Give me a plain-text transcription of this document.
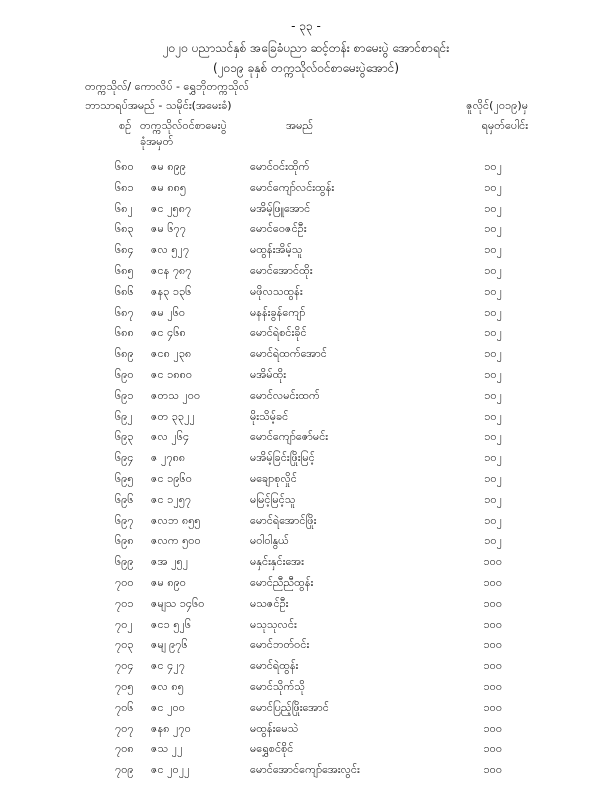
- ၃၃ -
၂၀၂၀ ပညာသင်နှစ် အခြေခံပညာ ဆင့်တန်း စာမေးပွဲ အောင်စာရင်း
(၂၀၁၉ ခုနှစ် တက္ကသိုလ်ဝင်စာမေးပွဲအောင်)
တက္ကသိုလ်/ ကောလိပ် - ရွှေဘိုတက္ကသိုလ်
ဘာသာရပ်အမည် - သမိုင်း(အမေးခံ)	ဇူလိုင်(၂၀၁၉)မှ
စဉ် တက္ကသိုလ်ဝင်စာမေးပွဲ
ခုံအမှတ်
အမည်	ရမှတ်ပေါင်း
၆၈၀ ဇမ ၈၉၉	မောင်ဝင်းထိုက်	၁၀၂
၆၈၁ ဇမ ၈၈၅	မောင်ကျော်လင်းထွန်း	၁၀၂
၆၈၂ ဇင ၂၅၈၇	မအိမ့်ဖြူအောင်	၁၀၂
၆၈၃ ဇမ ၆၇၇	မောင်ဝေဇင်ဦး	၁၀၂
၆၈၄ ဇလ ၅၂၇	မထွန်းအိမ့်သူ	၁၀၂
၆၈၅ ဇငန ၇၈၇	မောင်အောင်ထိုး	၁၀၂
၆၈၆ ဇန၃ ၁၃၆	မဖိုလသထွန်း	၁၀၂
၆၈၇ ဇမ ၂၆၀	မနန်းခွန်ကျော်	၁၀၂
၆၈၈ ဇင ၄၆၈	မောင်ရဲစင်းခိုင်	၁၀၂
၆၈၉ ဇင၈ ၂၃၈	မောင်ရဲထက်အောင်	၁၀၂
၆၉၀ ဇင ၁၈၈၀	မအိမ်ထိုး	၁၀၂
၆၉၁ ဇတသ ၂၀၀	မောင်လမင်းထက်	၁၀၂
၆၉၂ ဇတ ၃၃၂၂	မိုးသိမ့်ခင်	၁၀၂
၆၉၃ ဇလ ၂၆၄	မောင်ကျော်ဇော်မင်း	၁၀၂
၆၉၄ ဇ ၂၇၈၈	မအိမ့်ခြင်းဖြိုးမြင့်	၁၀၂
၆၉၅ ဇင ၁၉၆၀	မချောစုလှိုင်	၁၀၂
၆၉၆ ဇင ၁၂၅၇	မမြင့်မြင့်သူ	၁၀၂
၆၉၇ ဇလဘ ၈၅၅	မောင်ရဲအောင်ဖြိုး	၁၀၂
၆၉၈ ဇလက ၅၀၀	မဝါဝါနွယ်	၁၀၂
၆၉၉ ဇအ ၂၅၂	မနှင်းနှင်းအေး	၁၀၀
၇၀၀ ဇမ ၈၉၀	မောင်ညီညီထွန်း	၁၀၀
၇၀၁ ဇမျသ ၁၄၆၀	မသဇင်ဦး	၁၀၀
၇၀၂ ဇင၁ ၅၂၆	မသုသုလင်း	၁၀၀
၇၀၃ ဇမျ ၉၇၆	မောင်ဘတ်ဝင်း	၁၀၀
၇၀၄ ဇင ၄၂၇	မောင်ရဲထွန်း	၁၀၀
၇၀၅ ဇလ ၈၅	မောင်သိုက်သို	၁၀၀
၇၀၆ ဇင ၂၀၀	မောင်ပြည့်ဖြိုးအောင်	၁၀၀
၇၀၇ ဇန၈ ၂၇၀	မထွန်းမေသဲ	၁၀၀
၇၀၈ ဇသ ၂၂	မရွှေစင်စိုင်	၁၀၀
၇၀၉ ဇင ၂၀၂၂	မောင်အောင်ကျော်အေးလွင်း	၁၀၀
